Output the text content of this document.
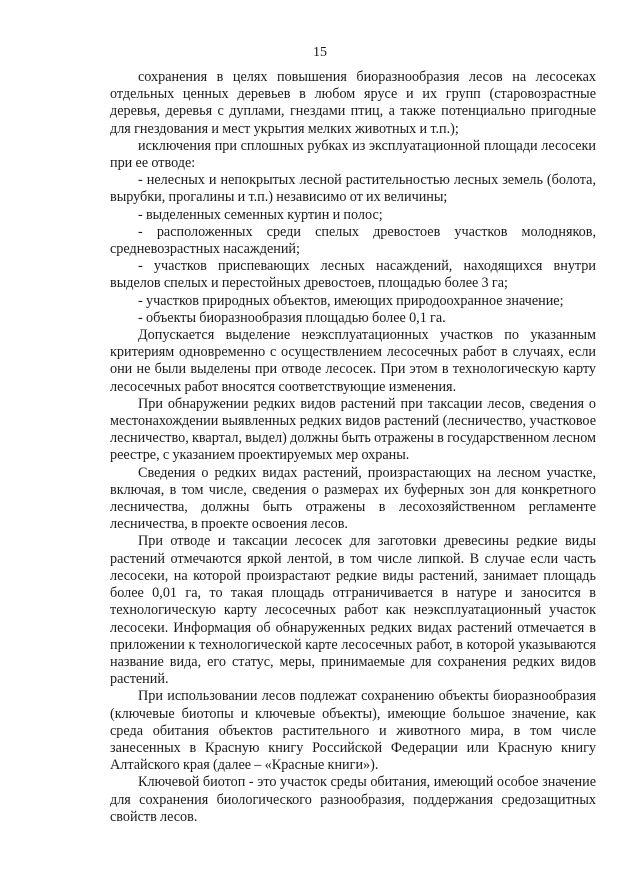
15

сохранения в целях повышения биоразнообразия лесов на лесосеках отдельных ценных деревьев в любом ярусе и их групп (старовозрастные деревья, деревья с дуплами, гнездами птиц, а также потенциально пригодные для гнездования и мест укрытия мелких животных и т.п.);

исключения при сплошных рубках из эксплуатационной площади лесосеки при ее отводе:

- нелесных и непокрытых лесной растительностью лесных земель (болота, вырубки, прогалины и т.п.) независимо от их величины;

- выделенных семенных куртин и полос;

- расположенных среди спелых древостоев участков молодняков, средневозрастных насаждений;

- участков приспевающих лесных насаждений, находящихся внутри выделов спелых и перестойных древостоев, площадью более 3 га;

- участков природных объектов, имеющих природоохранное значение;

- объекты биоразнообразия площадью более 0,1 га.

Допускается выделение неэксплуатационных участков по указанным критериям одновременно с осуществлением лесосечных работ в случаях, если они не были выделены при отводе лесосек. При этом в технологическую карту лесосечных работ вносятся соответствующие изменения.

При обнаружении редких видов растений при таксации лесов, сведения о местонахождении выявленных редких видов растений (лесничество, участковое лесничество, квартал, выдел) должны быть отражены в государственном лесном реестре, с указанием проектируемых мер охраны.

Сведения о редких видах растений, произрастающих на лесном участке, включая, в том числе, сведения о размерах их буферных зон для конкретного лесничества, должны быть отражены в лесохозяйственном регламенте лесничества, в проекте освоения лесов.

При отводе и таксации лесосек для заготовки древесины редкие виды растений отмечаются яркой лентой, в том числе липкой. В случае если часть лесосеки, на которой произрастают редкие виды растений, занимает площадь более 0,01 га, то такая площадь отграничивается в натуре и заносится в технологическую карту лесосечных работ как неэксплуатационный участок лесосеки. Информация об обнаруженных редких видах растений отмечается в приложении к технологической карте лесосечных работ, в которой указываются название вида, его статус, меры, принимаемые для сохранения редких видов растений.

При использовании лесов подлежат сохранению объекты биоразнообразия (ключевые биотопы и ключевые объекты), имеющие большое значение, как среда обитания объектов растительного и животного мира, в том числе занесенных в Красную книгу Российской Федерации или Красную книгу Алтайского края (далее – «Красные книги»).

Ключевой биотоп - это участок среды обитания, имеющий особое значение для сохранения биологического разнообразия, поддержания средозащитных свойств лесов.
